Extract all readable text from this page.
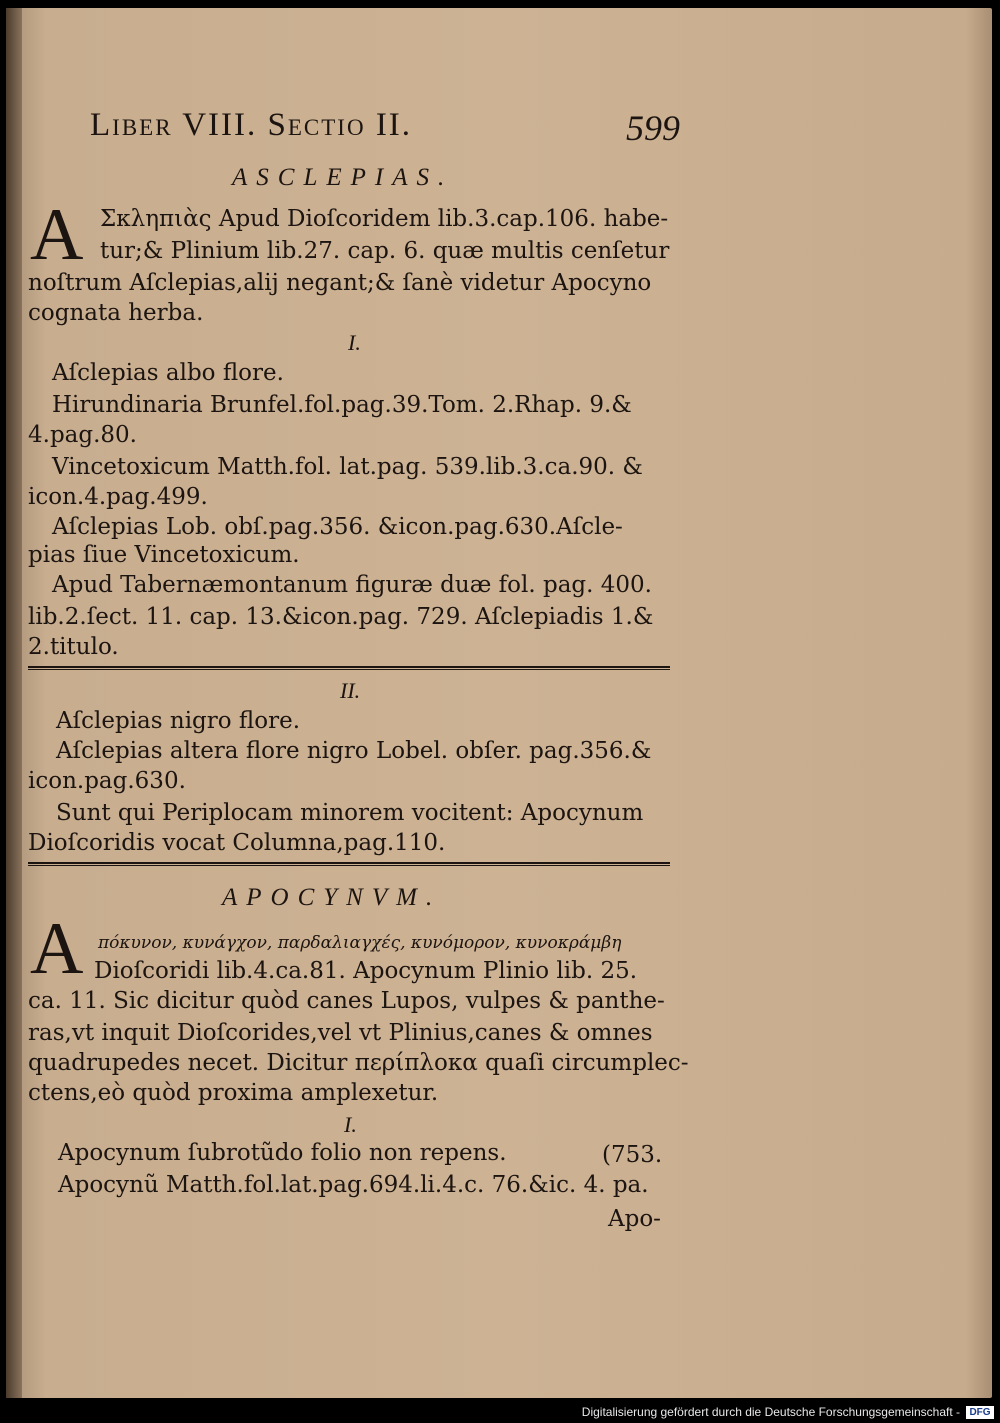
Liber VIII. Sectio II.	599
ASCLEPIAS.
A Σκληπιὰς Apud Dioſcoridem lib.3.cap.106. habe-
tur;& Plinium lib.27. cap. 6. quæ multis cenſetur
noſtrum Aſclepias,alij negant;& ſanè videtur Apocyno
cognata herba.
I.
Aſclepias albo flore.
Hirundinaria Brunfel.fol.pag.39.Tom. 2.Rhap. 9.&
4.pag.80.
Vincetoxicum Matth.fol. lat.pag. 539.lib.3.ca.90. &
icon.4.pag.499.
Aſclepias Lob. obſ.pag.356. &icon.pag.630.Aſcle-
pias ſiue Vincetoxicum.
Apud Tabernæmontanum figuræ duæ fol. pag. 400.
lib.2.ſect. 11. cap. 13.&icon.pag. 729. Aſclepiadis 1.&
2.titulo.
II.
Aſclepias nigro flore.
Aſclepias altera flore nigro Lobel. obſer. pag.356.&
icon.pag.630.
Sunt qui Periplocam minorem vocitent: Apocynum
Dioſcoridis vocat Columna,pag.110.
APOCYNVM.
A πόκυνον, κυνάγχον, παρδαλιαγχές, κυνόμορον, κυνοκράμβη
Dioſcoridi lib.4.ca.81. Apocynum Plinio lib. 25.
ca. 11. Sic dicitur quòd canes Lupos, vulpes & panthe-
ras,vt inquit Dioſcorides,vel vt Plinius,canes & omnes
quadrupedes necet. Dicitur περίπλοκα quaſi circumplec-
ctens,eò quòd proxima amplexetur.
I.
Apocynum ſubrotũdo folio non repens.	(753.
Apocynũ Matth.fol.lat.pag.694.li.4.c. 76.&ic. 4. pa.
Apo-
Digitalisierung gefördert durch die Deutsche Forschungsgemeinschaft - DFG
